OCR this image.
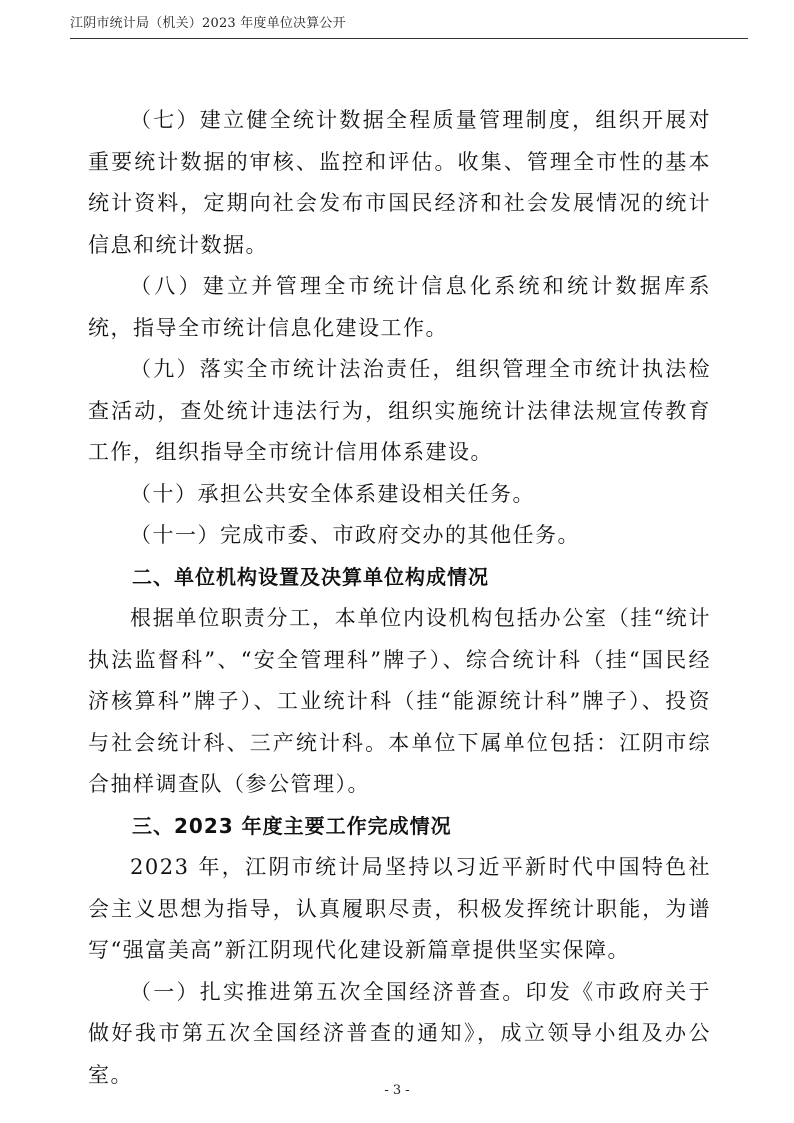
江阴市统计局（机关）2023 年度单位决算公开

（七）建立健全统计数据全程质量管理制度，组织开展对重要统计数据的审核、监控和评估。收集、管理全市性的基本统计资料，定期向社会发布市国民经济和社会发展情况的统计信息和统计数据。

（八）建立并管理全市统计信息化系统和统计数据库系统，指导全市统计信息化建设工作。

（九）落实全市统计法治责任，组织管理全市统计执法检查活动，查处统计违法行为，组织实施统计法律法规宣传教育工作，组织指导全市统计信用体系建设。

（十）承担公共安全体系建设相关任务。

（十一）完成市委、市政府交办的其他任务。

二、单位机构设置及决算单位构成情况

根据单位职责分工，本单位内设机构包括办公室（挂“统计执法监督科”、“安全管理科”牌子）、综合统计科（挂“国民经济核算科”牌子）、工业统计科（挂“能源统计科”牌子）、投资与社会统计科、三产统计科。本单位下属单位包括：江阴市综合抽样调查队（参公管理）。

三、2023 年度主要工作完成情况

2023 年，江阴市统计局坚持以习近平新时代中国特色社会主义思想为指导，认真履职尽责，积极发挥统计职能，为谱写“强富美高”新江阴现代化建设新篇章提供坚实保障。

（一）扎实推进第五次全国经济普查。印发《市政府关于做好我市第五次全国经济普查的通知》，成立领导小组及办公室。

- 3 -
